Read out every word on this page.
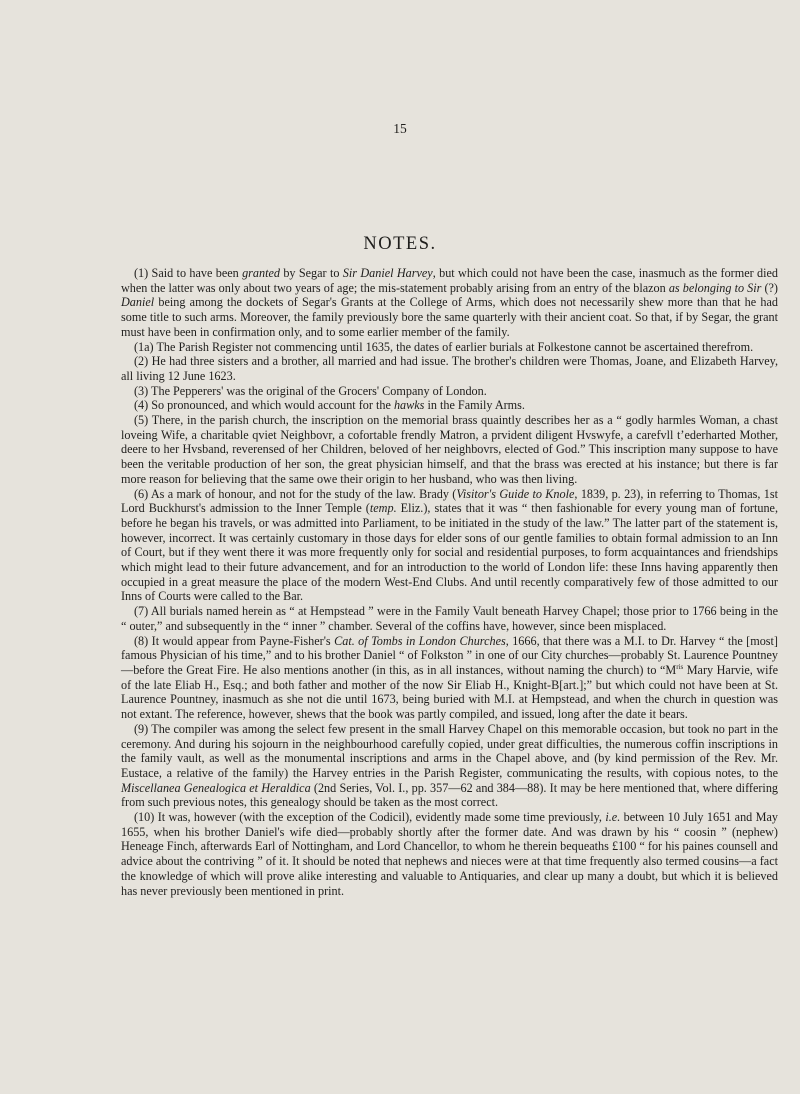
15
NOTES.

(1) Said to have been granted by Segar to Sir Daniel Harvey, but which could not have been the case, inasmuch as the former died when the latter was only about two years of age; the mis-statement probably arising from an entry of the blazon as belonging to Sir (?) Daniel being among the dockets of Segar's Grants at the College of Arms, which does not necessarily shew more than that he had some title to such arms. Moreover, the family previously bore the same quarterly with their ancient coat. So that, if by Segar, the grant must have been in confirmation only, and to some earlier member of the family.

(1a) The Parish Register not commencing until 1635, the dates of earlier burials at Folkestone cannot be ascertained therefrom.

(2) He had three sisters and a brother, all married and had issue. The brother's children were Thomas, Joane, and Elizabeth Harvey, all living 12 June 1623.

(3) The Pepperers' was the original of the Grocers' Company of London.

(4) So pronounced, and which would account for the hawks in the Family Arms.

(5) There, in the parish church, the inscription on the memorial brass quaintly describes her as a “ godly harmles Woman, a chast loveing Wife, a charitable qviet Neighbovr, a cofortable frendly Matron, a prvident diligent Hvswyfe, a carefvll t’ederharted Mother, deere to her Hvsband, reverensed of her Children, beloved of her neighbovrs, elected of God.” This inscription many suppose to have been the veritable production of her son, the great physician himself, and that the brass was erected at his instance; but there is far more reason for believing that the same owe their origin to her husband, who was then living.

(6) As a mark of honour, and not for the study of the law. Brady (Visitor's Guide to Knole, 1839, p. 23), in referring to Thomas, 1st Lord Buckhurst's admission to the Inner Temple (temp. Eliz.), states that it was “ then fashionable for every young man of fortune, before he began his travels, or was admitted into Parliament, to be initiated in the study of the law.” The latter part of the statement is, however, incorrect. It was certainly customary in those days for elder sons of our gentle families to obtain formal admission to an Inn of Court, but if they went there it was more frequently only for social and residential purposes, to form acquaintances and friendships which might lead to their future advancement, and for an introduction to the world of London life: these Inns having apparently then occupied in a great measure the place of the modern West-End Clubs. And until recently comparatively few of those admitted to our Inns of Courts were called to the Bar.

(7) All burials named herein as “ at Hempstead ” were in the Family Vault beneath Harvey Chapel; those prior to 1766 being in the “ outer,” and subsequently in the “ inner ” chamber. Several of the coffins have, however, since been misplaced.

(8) It would appear from Payne-Fisher's Cat. of Tombs in London Churches, 1666, that there was a M.I. to Dr. Harvey “ the [most] famous Physician of his time,” and to his brother Daniel “ of Folkston ” in one of our City churches—probably St. Laurence Pountney—before the Great Fire. He also mentions another (in this, as in all instances, without naming the church) to “$M^{ris}$ Mary Harvie, wife of the late Eliab H., Esq.; and both father and mother of the now Sir Eliab H., Knight-B[art.];” but which could not have been at St. Laurence Pountney, inasmuch as she not die until 1673, being buried with M.I. at Hempstead, and when the church in question was not extant. The reference, however, shews that the book was partly compiled, and issued, long after the date it bears.

(9) The compiler was among the select few present in the small Harvey Chapel on this memorable occasion, but took no part in the ceremony. And during his sojourn in the neighbourhood carefully copied, under great difficulties, the numerous coffin inscriptions in the family vault, as well as the monumental inscriptions and arms in the Chapel above, and (by kind permission of the Rev. Mr. Eustace, a relative of the family) the Harvey entries in the Parish Register, communicating the results, with copious notes, to the Miscellanea Genealogica et Heraldica (2nd Series, Vol. I., pp. 357—62 and 384—88). It may be here mentioned that, where differing from such previous notes, this genealogy should be taken as the most correct.

(10) It was, however (with the exception of the Codicil), evidently made some time previously, i.e. between 10 July 1651 and May 1655, when his brother Daniel's wife died—probably shortly after the former date. And was drawn by his “ coosin ” (nephew) Heneage Finch, afterwards Earl of Nottingham, and Lord Chancellor, to whom he therein bequeaths £100 “ for his paines counsell and advice about the contriving ” of it. It should be noted that nephews and nieces were at that time frequently also termed cousins—a fact the knowledge of which will prove alike interesting and valuable to Antiquaries, and clear up many a doubt, but which it is believed has never previously been mentioned in print.
